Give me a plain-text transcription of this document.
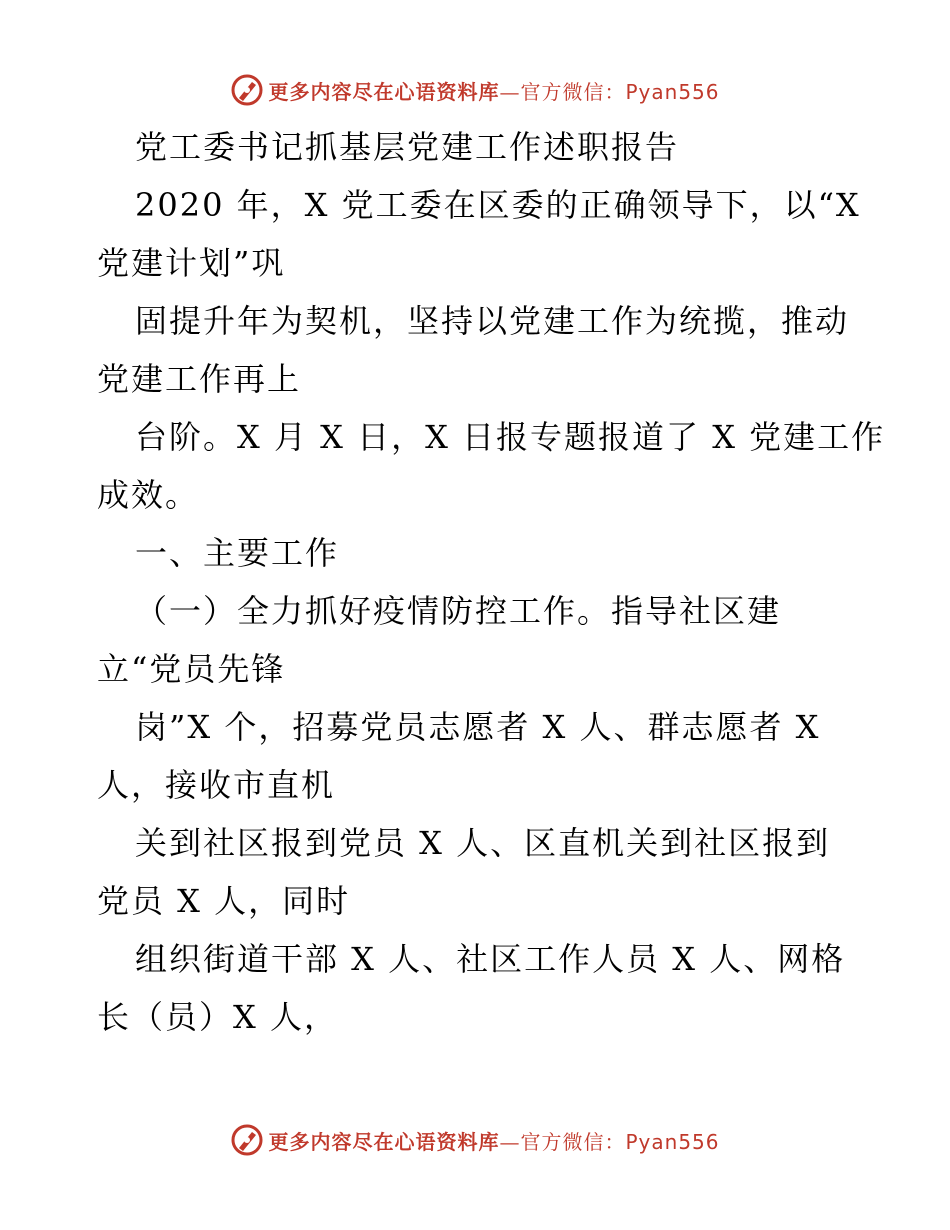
更多内容尽在心语资料库—官方微信：Pyan556
党工委书记抓基层党建工作述职报告
2020 年，X 党工委在区委的正确领导下，以“X
党建计划”巩
固提升年为契机，坚持以党建工作为统揽，推动
党建工作再上
台阶。X 月 X 日，X 日报专题报道了 X 党建工作
成效。
一、主要工作
（一）全力抓好疫情防控工作。指导社区建
立“党员先锋
岗”X 个，招募党员志愿者 X 人、群志愿者 X
人，接收市直机
关到社区报到党员 X 人、区直机关到社区报到
党员 X 人，同时
组织街道干部 X 人、社区工作人员 X 人、网格
长（员）X 人，
更多内容尽在心语资料库—官方微信：Pyan556
